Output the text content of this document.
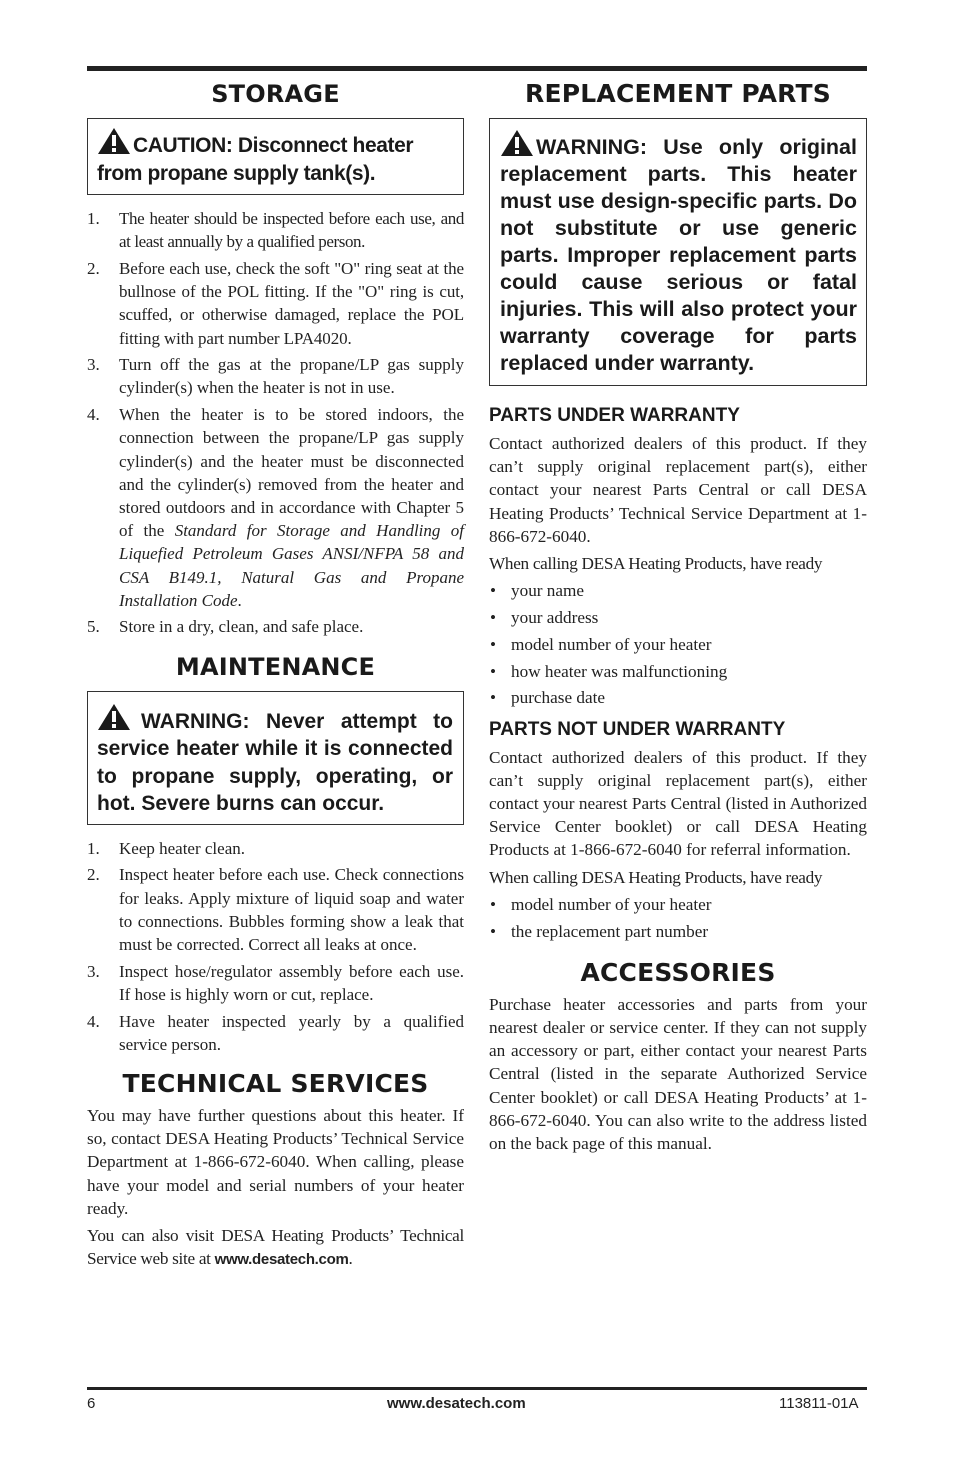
STORAGE
CAUTION: Disconnect heater from propane supply tank(s).
1. The heater should be inspected before each use, and at least annually by a qualified person.
2. Before each use, check the soft "O" ring seat at the bullnose of the POL fitting. If the "O" ring is cut, scuffed, or otherwise damaged, replace the POL fitting with part number LPA4020.
3. Turn off the gas at the propane/LP gas supply cylinder(s) when the heater is not in use.
4. When the heater is to be stored indoors, the connection between the propane/LP gas supply cylinder(s) and the heater must be disconnected and the cylinder(s) removed from the heater and stored outdoors and in accordance with Chapter 5 of the Standard for Storage and Handling of Liquefied Petroleum Gases ANSI/NFPA 58 and CSA B149.1, Natural Gas and Propane Installation Code.
5. Store in a dry, clean, and safe place.
MAINTENANCE
WARNING: Never attempt to service heater while it is connected to propane supply, operating, or hot. Severe burns can occur.
1. Keep heater clean.
2. Inspect heater before each use. Check connections for leaks. Apply mixture of liquid soap and water to connections. Bubbles forming show a leak that must be corrected. Correct all leaks at once.
3. Inspect hose/regulator assembly before each use. If hose is highly worn or cut, replace.
4. Have heater inspected yearly by a qualified service person.
TECHNICAL SERVICES

You may have further questions about this heater. If so, contact DESA Heating Products’ Technical Service Department at 1-866-672-6040. When calling, please have your model and serial numbers of your heater ready.

You can also visit DESA Heating Products’ Technical Service web site at www.desatech.com.

REPLACEMENT PARTS
WARNING: Use only original replacement parts. This heater must use design-specific parts. Do not substitute or use generic parts. Improper replacement parts could cause serious or fatal injuries. This will also protect your warranty coverage for parts replaced under warranty.
PARTS UNDER WARRANTY

Contact authorized dealers of this product. If they can’t supply original replacement part(s), either contact your nearest Parts Central or call DESA Heating Products’ Technical Service Department at 1-866-672-6040.

When calling DESA Heating Products, have ready

• your name
• your address
• model number of your heater
• how heater was malfunctioning
• purchase date
PARTS NOT UNDER WARRANTY

Contact authorized dealers of this product. If they can’t supply original replacement part(s), either contact your nearest Parts Central (listed in Authorized Service Center booklet) or call DESA Heating Products at 1-866-672-6040 for referral information.

When calling DESA Heating Products, have ready

• model number of your heater
• the replacement part number
ACCESSORIES

Purchase heater accessories and parts from your nearest dealer or service center. If they can not supply an accessory or part, either contact your nearest Parts Central (listed in the separate Authorized Service Center booklet) or call DESA Heating Products’ at 1-866-672-6040. You can also write to the address listed on the back page of this manual.

6	www.desatech.com	113811-01A
